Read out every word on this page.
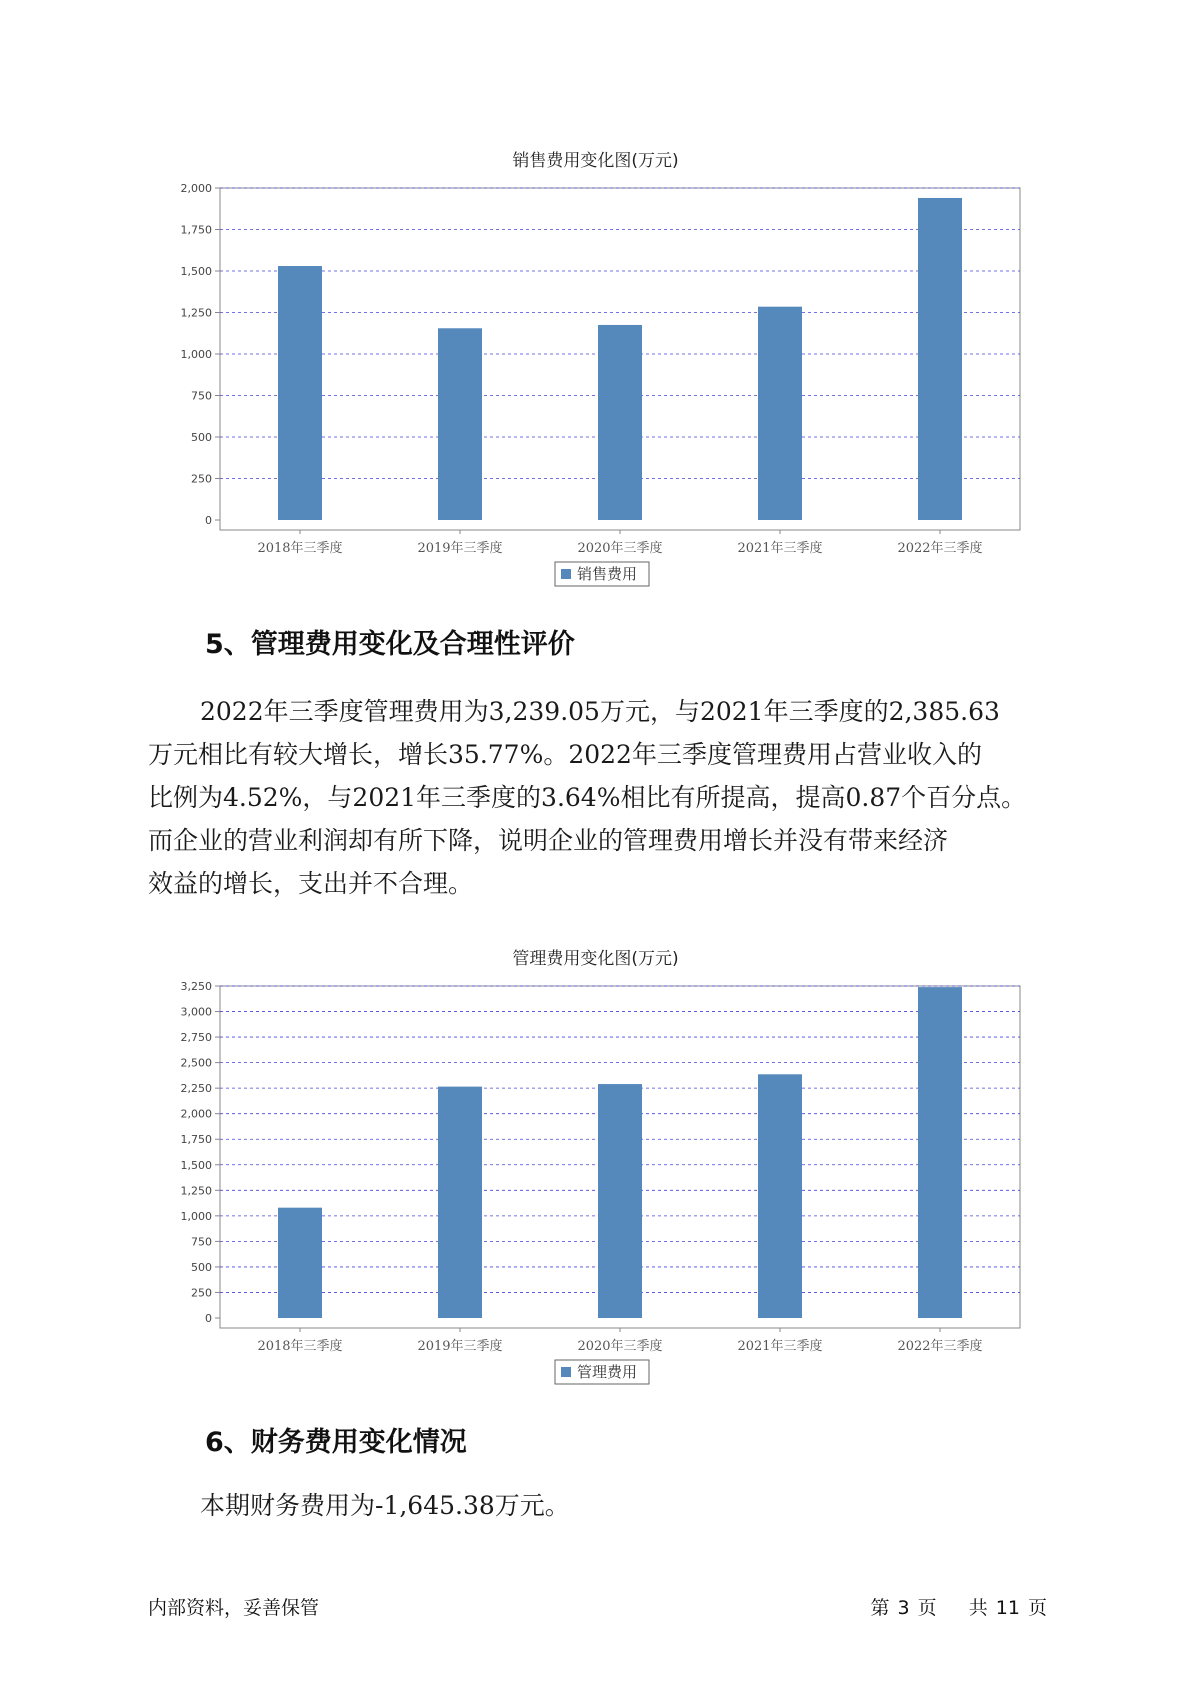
销售费用变化图(万元)
0
250
500
750
1,000
1,250
1,500
1,750
2,000
2018年三季度	2019年三季度	2020年三季度	2021年三季度	2022年三季度
销售费用
5、管理费用变化及合理性评价
2022年三季度管理费用为3,239.05万元，与2021年三季度的2,385.63
万元相比有较大增长，增长35.77%。2022年三季度管理费用占营业收入的
比例为4.52%，与2021年三季度的3.64%相比有所提高，提高0.87个百分点。
而企业的营业利润却有所下降，说明企业的管理费用增长并没有带来经济
效益的增长，支出并不合理。
管理费用变化图(万元)
0
250
500
750
1,000
1,250
1,500
1,750
2,000
2,250
2,500
2,750
3,000
3,250
2018年三季度	2019年三季度	2020年三季度	2021年三季度	2022年三季度
管理费用
6、财务费用变化情况
本期财务费用为-1,645.38万元。
内部资料，妥善保管	第 3 页 共 11 页
